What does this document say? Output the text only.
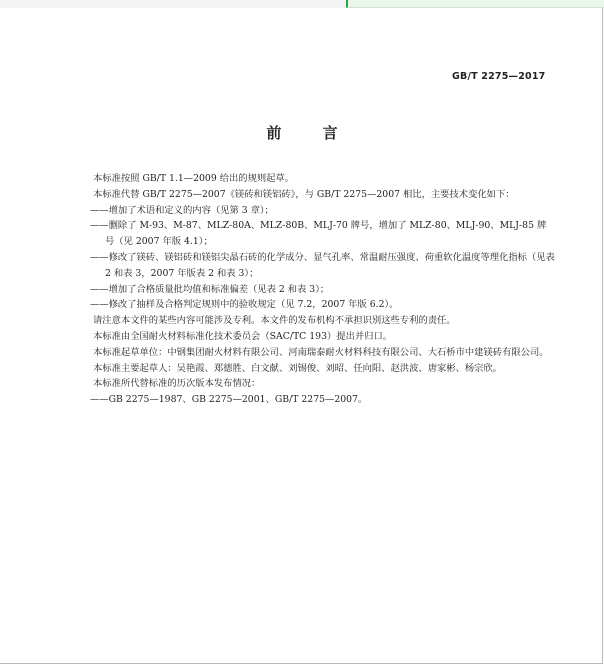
GB/T 2275—2017
前 言

本标准按照 GB/T 1.1—2009 给出的规则起草。

本标准代替 GB/T 2275—2007《镁砖和镁铝砖》，与 GB/T 2275—2007 相比，主要技术变化如下：

——增加了术语和定义的内容（见第 3 章）；

——删除了 M-93、M-87、MLZ-80A、MLZ-80B、MLJ-70 牌号，增加了 MLZ-80、MLJ-90、MLJ-85 牌号（见 2007 年版 4.1）；

——修改了镁砖、镁铝砖和镁铝尖晶石砖的化学成分、显气孔率、常温耐压强度、荷重软化温度等理化指标（见表 2 和表 3，2007 年版表 2 和表 3）；

——增加了合格质量批均值和标准偏差（见表 2 和表 3）；

——修改了抽样及合格判定规则中的验收规定（见 7.2，2007 年版 6.2）。

请注意本文件的某些内容可能涉及专利。本文件的发布机构不承担识别这些专利的责任。

本标准由全国耐火材料标准化技术委员会（SAC/TC 193）提出并归口。

本标准起草单位：中钢集团耐火材料有限公司、河南瑞泰耐火材料科技有限公司、大石桥市中建镁砖有限公司。

本标准主要起草人：吴艳霞、郑德胜、白文献、刘锡俊、刘昭、任向阳、赵洪波、唐家彬、杨宗欣。

本标准所代替标准的历次版本发布情况：

——GB 2275—1987、GB 2275—2001、GB/T 2275—2007。
